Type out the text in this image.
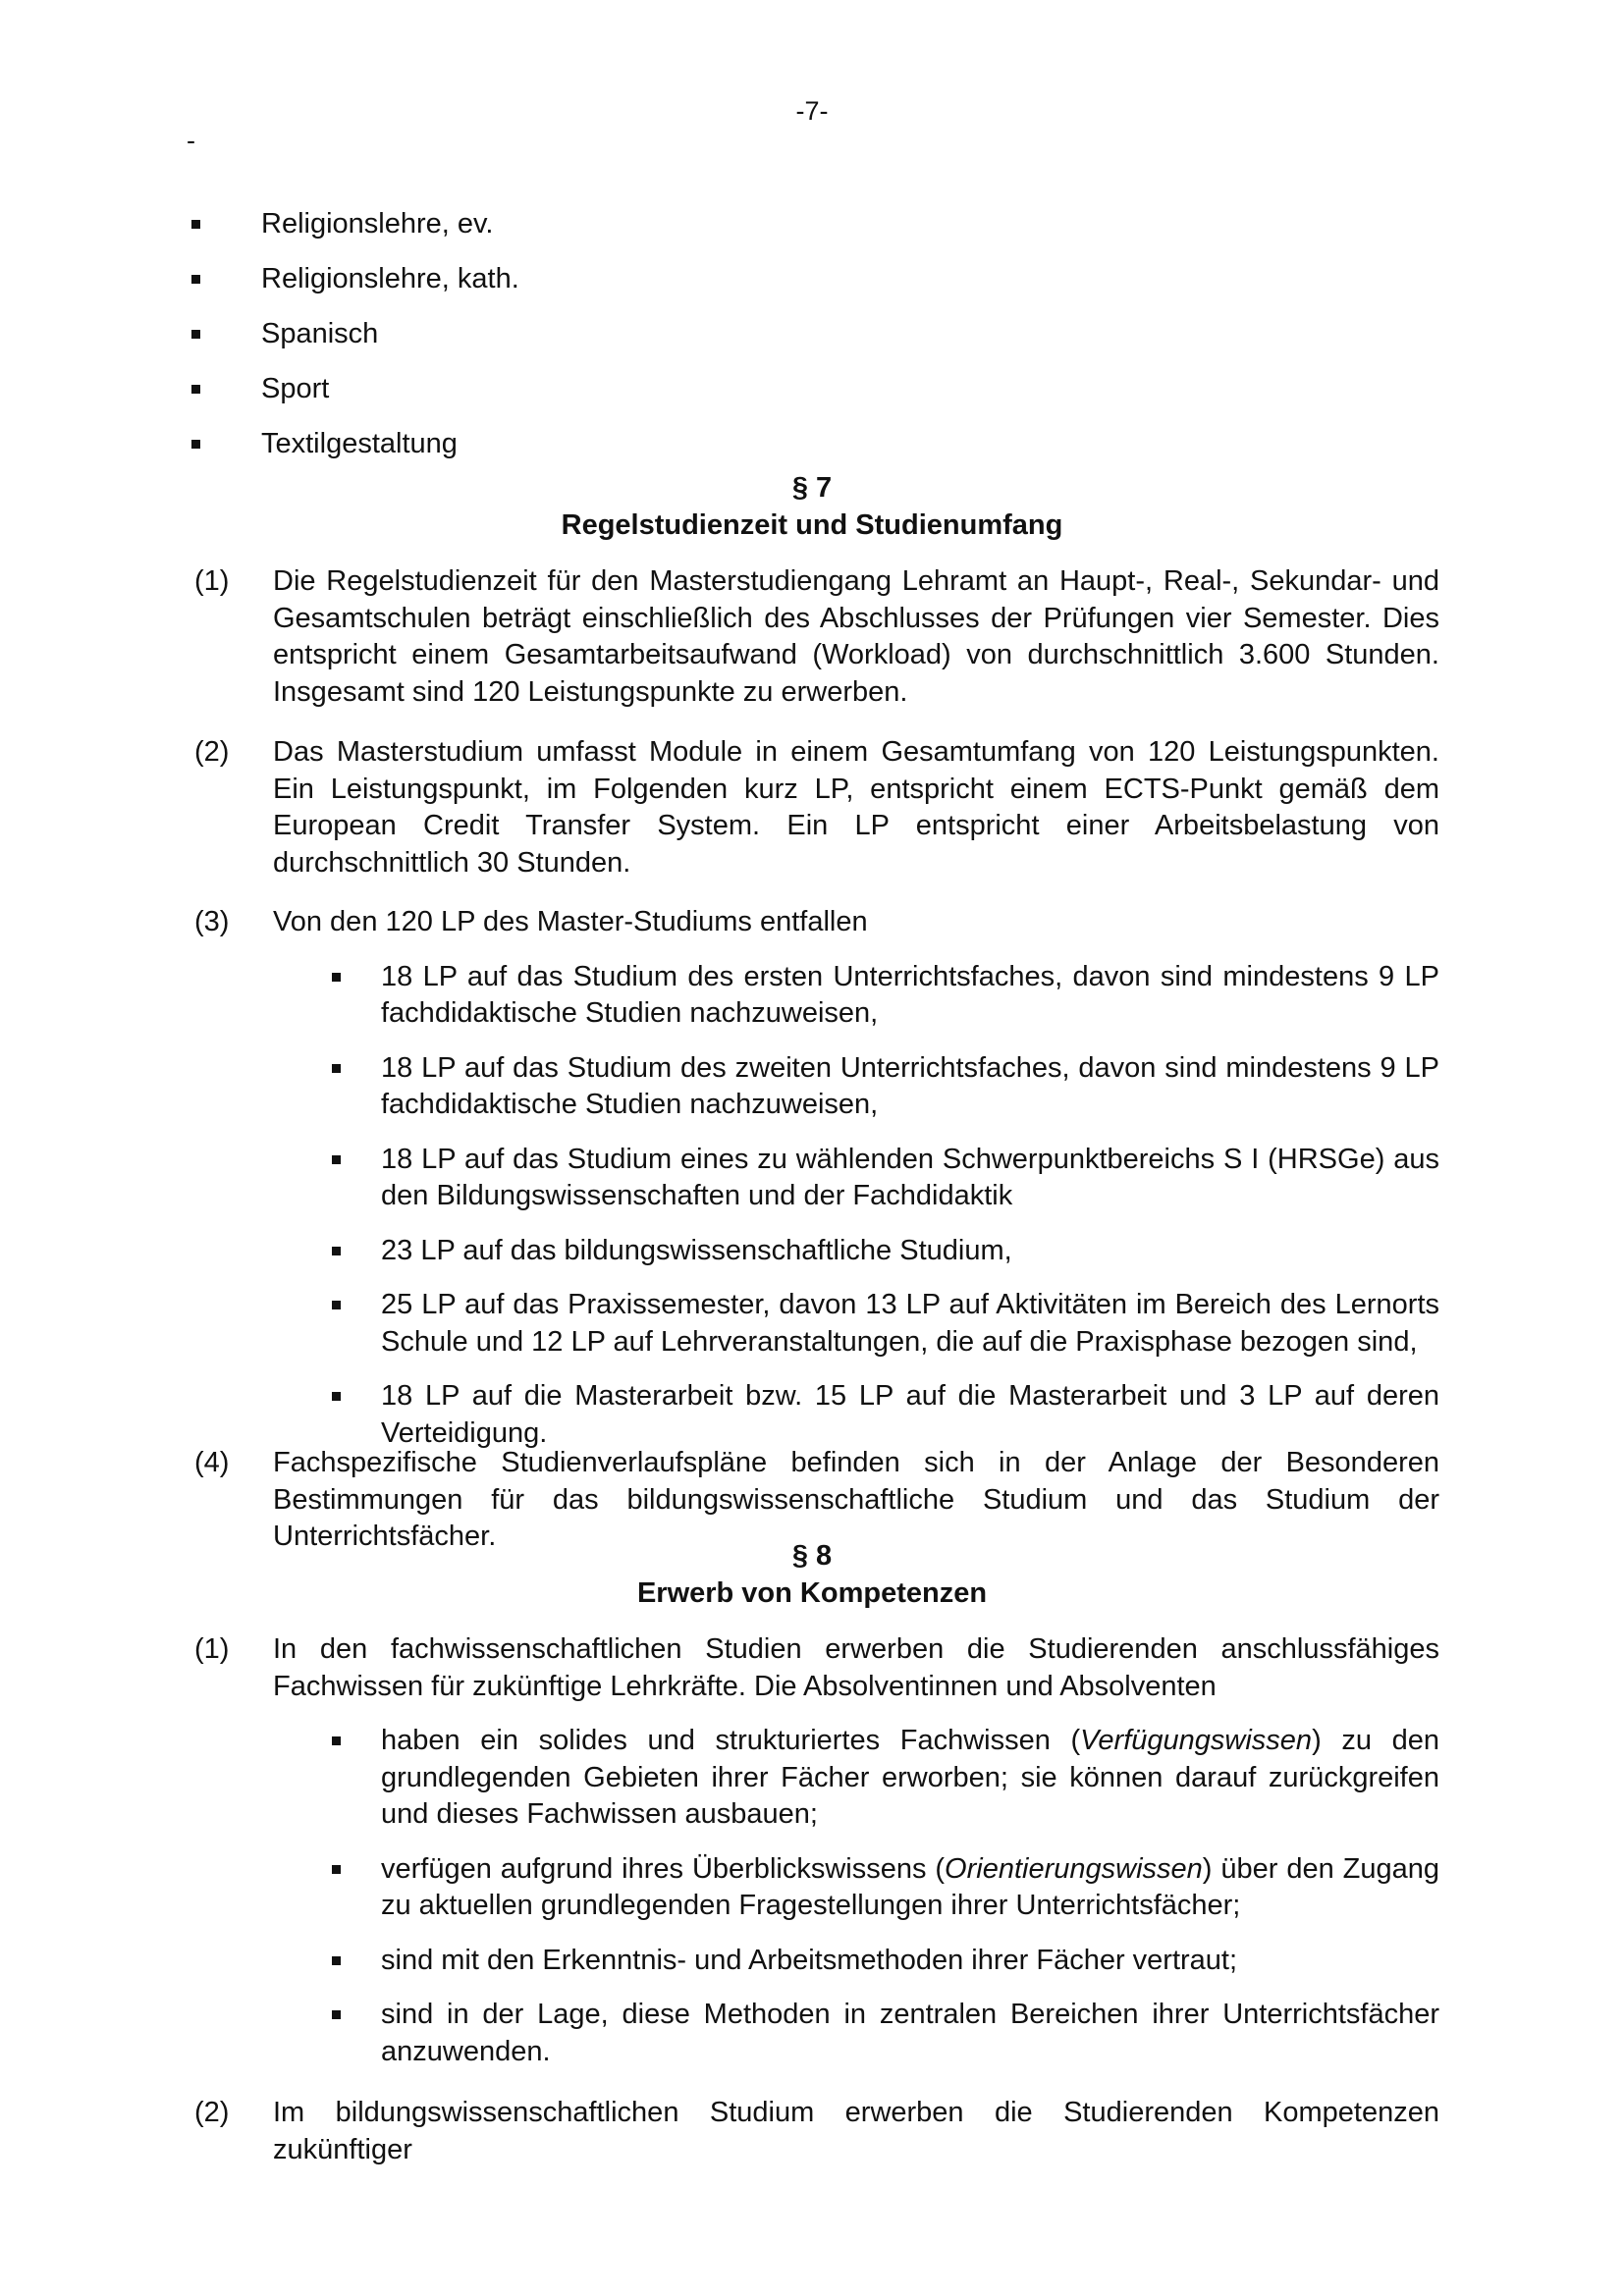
-7-
-
Religionslehre, ev.
Religionslehre, kath.
Spanisch
Sport
Textilgestaltung
§ 7
Regelstudienzeit und Studienumfang
(1) Die Regelstudienzeit für den Masterstudiengang Lehramt an Haupt-, Real-, Sekundar- und Gesamtschulen beträgt einschließlich des Abschlusses der Prüfungen vier Semester. Dies entspricht einem Gesamtarbeitsaufwand (Workload) von durchschnittlich 3.600 Stunden. Insgesamt sind 120 Leistungspunkte zu erwerben.
(2) Das Masterstudium umfasst Module in einem Gesamtumfang von 120 Leistungspunkten. Ein Leistungspunkt, im Folgenden kurz LP, entspricht einem ECTS-Punkt gemäß dem European Credit Transfer System. Ein LP entspricht einer Arbeitsbelastung von durchschnittlich 30 Stunden.
(3) Von den 120 LP des Master-Studiums entfallen
18 LP auf das Studium des ersten Unterrichtsfaches, davon sind mindestens 9 LP fachdidaktische Studien nachzuweisen,
18 LP auf das Studium des zweiten Unterrichtsfaches, davon sind mindestens 9 LP fachdidaktische Studien nachzuweisen,
18 LP auf das Studium eines zu wählenden Schwerpunktbereichs S I (HRSGe) aus den Bildungswissenschaften und der Fachdidaktik
23 LP auf das bildungswissenschaftliche Studium,
25 LP auf das Praxissemester, davon 13 LP auf Aktivitäten im Bereich des Lernorts Schule und 12 LP auf Lehrveranstaltungen, die auf die Praxisphase bezogen sind,
18 LP auf die Masterarbeit bzw. 15 LP auf die Masterarbeit und 3 LP auf deren Verteidigung.
(4) Fachspezifische Studienverlaufspläne befinden sich in der Anlage der Besonderen Bestimmungen für das bildungswissenschaftliche Studium und das Studium der Unterrichtsfächer.
§ 8
Erwerb von Kompetenzen
(1) In den fachwissenschaftlichen Studien erwerben die Studierenden anschlussfähiges Fachwissen für zukünftige Lehrkräfte. Die Absolventinnen und Absolventen
haben ein solides und strukturiertes Fachwissen (Verfügungswissen) zu den grundlegenden Gebieten ihrer Fächer erworben; sie können darauf zurückgreifen und dieses Fachwissen ausbauen;
verfügen aufgrund ihres Überblickswissens (Orientierungswissen) über den Zugang zu aktuellen grundlegenden Fragestellungen ihrer Unterrichtsfächer;
sind mit den Erkenntnis- und Arbeitsmethoden ihrer Fächer vertraut;
sind in der Lage, diese Methoden in zentralen Bereichen ihrer Unterrichtsfächer anzuwenden.
(2) Im bildungswissenschaftlichen Studium erwerben die Studierenden Kompetenzen zukünftiger
